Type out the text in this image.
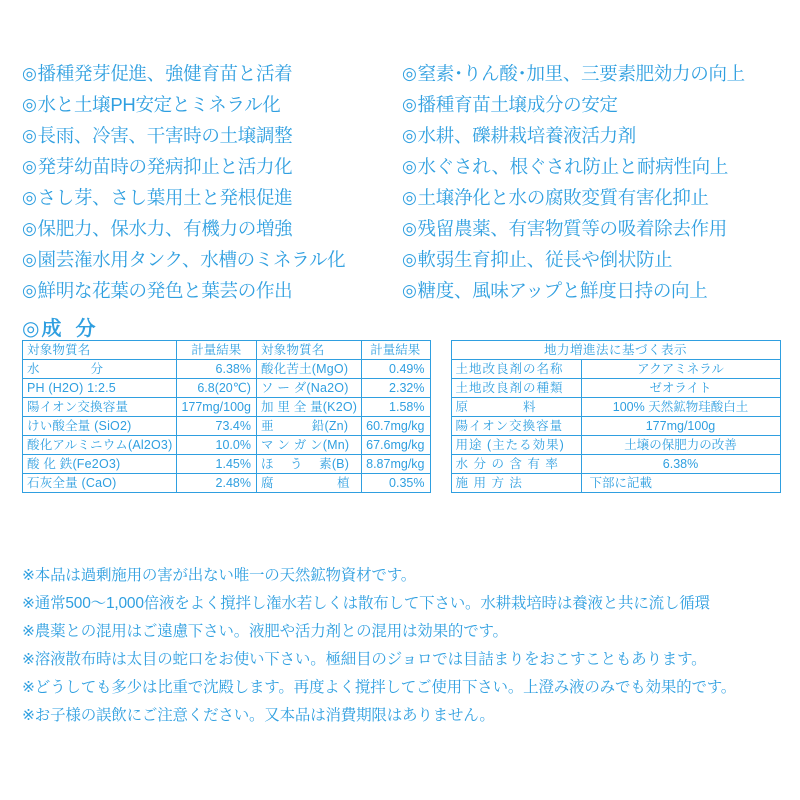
◎ 播種発芽促進、強健育苗と活着
◎ 水と土壌PH安定とミネラル化
◎ 長雨、冷害、干害時の土壌調整
◎ 発芽幼苗時の発病抑止と活力化
◎ さし芽、さし葉用土と発根促進
◎ 保肥力、保水力、有機力の増強
◎ 園芸潅水用タンク、水槽のミネラル化
◎ 鮮明な花葉の発色と葉芸の作出
◎ 窒素･りん酸･加里、三要素肥効力の向上
◎ 播種育苗土壌成分の安定
◎ 水耕、礫耕栽培養液活力剤
◎ 水ぐされ、根ぐされ防止と耐病性向上
◎ 土壌浄化と水の腐敗変質有害化抑止
◎ 残留農薬、有害物質等の吸着除去作用
◎ 軟弱生育抑止、従長や倒状防止
◎ 糖度、風味アップと鮮度日持の向上
◎成分
対象物質名	計量結果	対象物質名	計量結果
水　　　　分	6.38%	酸化苦土(MgO)	0.49%
PH (H2O) 1:2.5	6.8(20℃)	ソ ー ダ(Na2O)	2.32%
陽イオン交換容量	177mg/100g	加 里 全 量(K2O)	1.58%
けい酸全量 (SiO2)	73.4%	亜　　　鉛(Zn)	60.7mg/kg
酸化アルミニウム(Al2O3)	10.0%	マ ン ガ ン(Mn)	67.6mg/kg
酸 化 鉄(Fe2O3)	1.45%	ほ　 う　 素(B)	8.87mg/kg
石灰全量 (CaO)	2.48%	腐　　　　　植	0.35%
地力増進法に基づく表示	
土地改良剤の名称	アクアミネラル
土地改良剤の種類	ゼオライト
原　　　　料	100% 天然鉱物珪酸白土
陽イオン交換容量	177mg/100g
用途 (主たる効果)	土壌の保肥力の改善
水 分 の 含 有 率	6.38%
施 用 方 法	下部に記載
※本品は過剰施用の害が出ない唯一の天然鉱物資材です。
※通常500〜1,000倍液をよく撹拌し潅水若しくは散布して下さい。水耕栽培時は養液と共に流し循環
※農薬との混用はご遠慮下さい。液肥や活力剤との混用は効果的です。
※溶液散布時は太目の蛇口をお使い下さい。極細目のジョロでは目詰まりをおこすこともあります。
※どうしても多少は比重で沈殿します。再度よく撹拌してご使用下さい。上澄み液のみでも効果的です。
※お子様の誤飲にご注意ください。又本品は消費期限はありません。
